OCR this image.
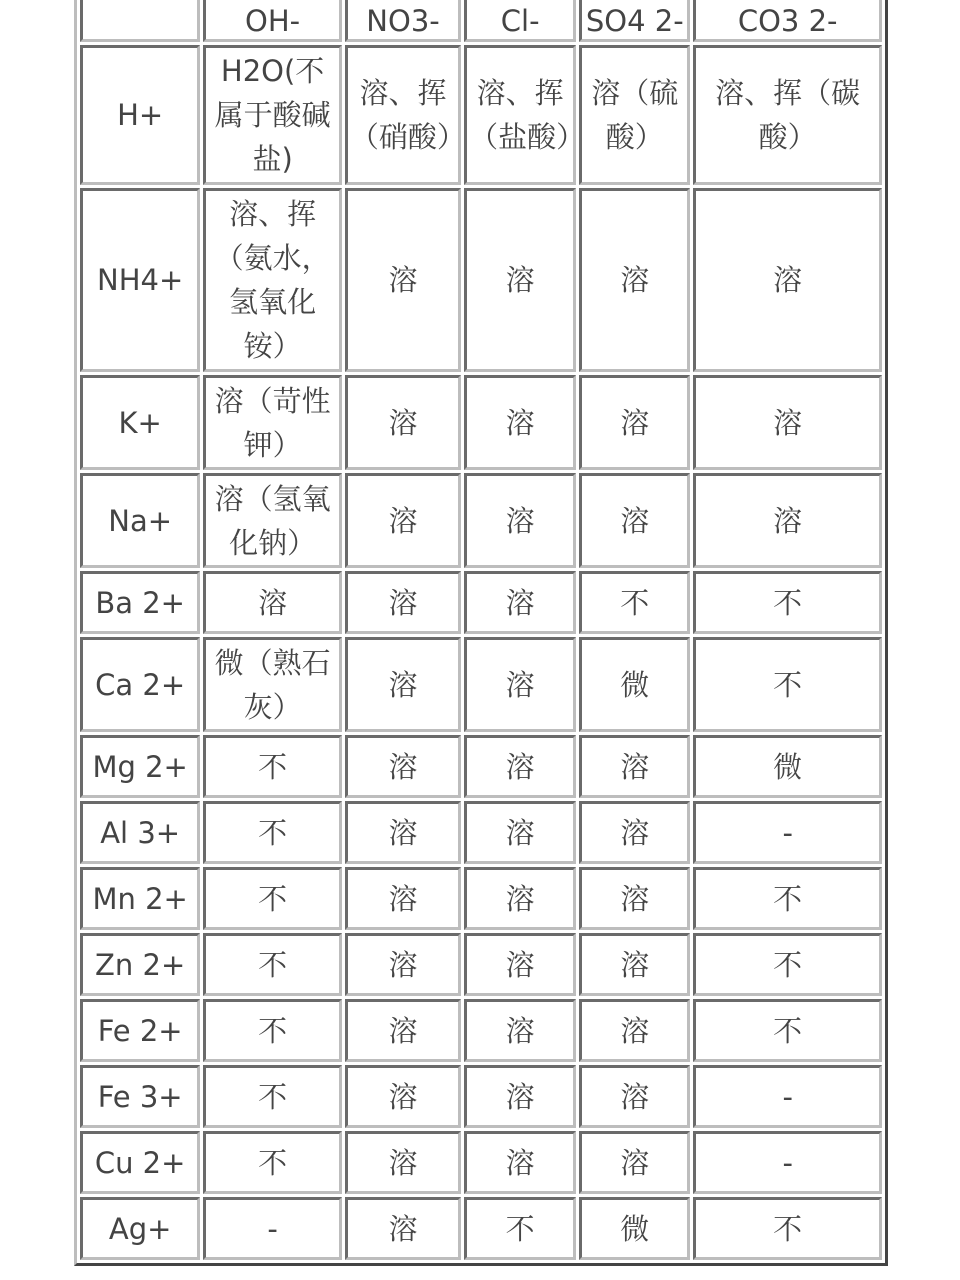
	OH-	NO3-	Cl-	SO4 2-	CO3 2-
H+	H2O(不属于酸碱盐)	溶、挥（硝酸）	溶、挥（盐酸）	溶（硫酸）	溶、挥（碳酸）
NH4+	溶、挥（氨水，氢氧化铵）	溶	溶	溶	溶
K+	溶（苛性钾）	溶	溶	溶	溶
Na+	溶（氢氧化钠）	溶	溶	溶	溶
Ba 2+	溶	溶	溶	不	不
Ca 2+	微（熟石灰）	溶	溶	微	不
Mg 2+	不	溶	溶	溶	微
Al 3+	不	溶	溶	溶	-
Mn 2+	不	溶	溶	溶	不
Zn 2+	不	溶	溶	溶	不
Fe 2+	不	溶	溶	溶	不
Fe 3+	不	溶	溶	溶	-
Cu 2+	不	溶	溶	溶	-
Ag+	-	溶	不	微	不
